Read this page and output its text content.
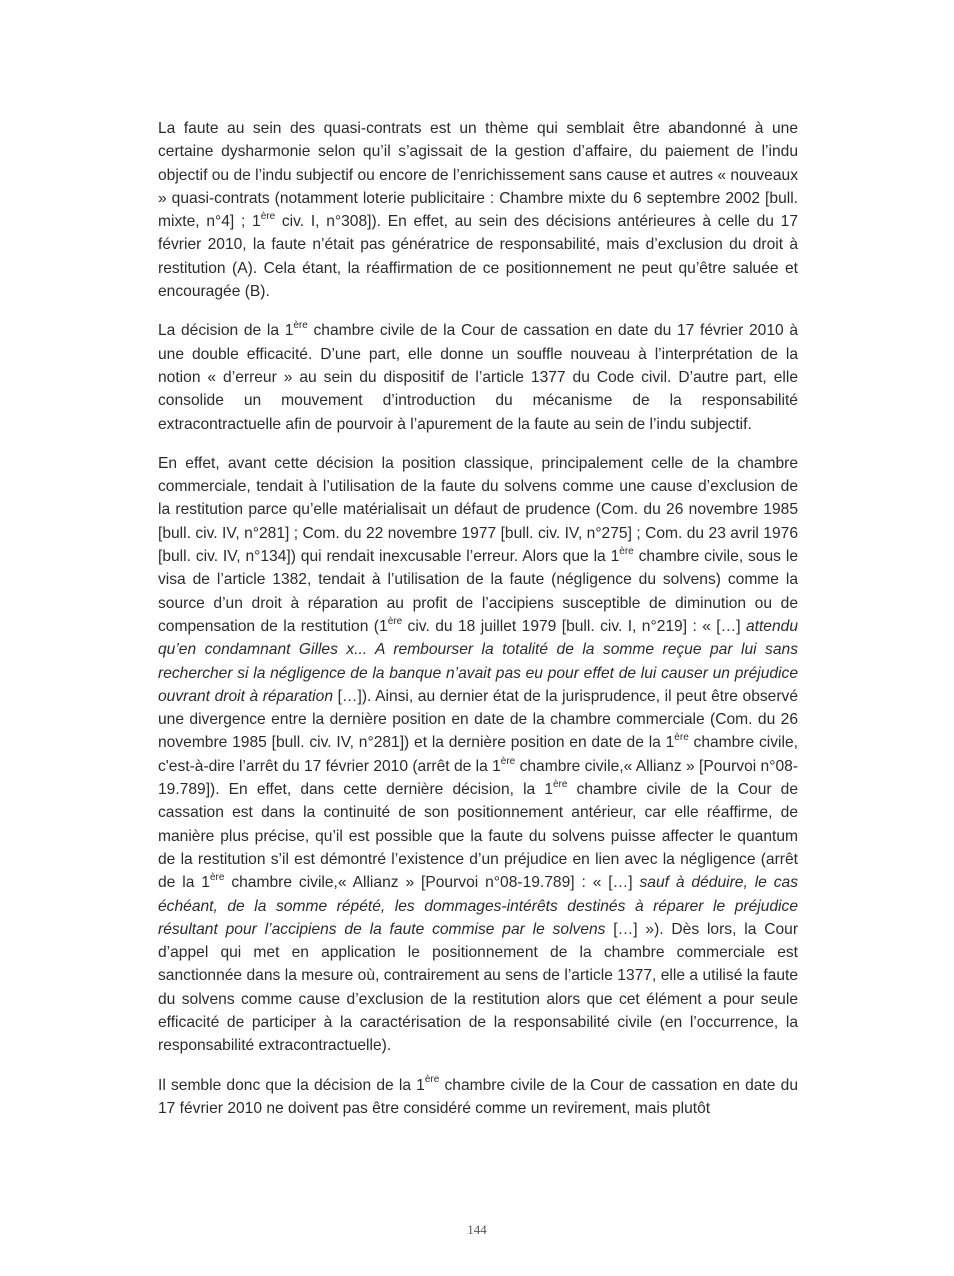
La faute au sein des quasi-contrats est un thème qui semblait être abandonné à une certaine dysharmonie selon qu’il s’agissait de la gestion d’affaire, du paiement de l’indu objectif ou de l’indu subjectif ou encore de l’enrichissement sans cause et autres « nouveaux » quasi-contrats (notamment loterie publicitaire : Chambre mixte du 6 septembre 2002 [bull. mixte, n°4] ; 1ère civ. I, n°308]). En effet, au sein des décisions antérieures à celle du 17 février 2010, la faute n’était pas génératrice de responsabilité, mais d’exclusion du droit à restitution (A). Cela étant, la réaffirmation de ce positionnement ne peut qu’être saluée et encouragée (B).

La décision de la 1ère chambre civile de la Cour de cassation en date du 17 février 2010 à une double efficacité. D’une part, elle donne un souffle nouveau à l’interprétation de la notion « d’erreur » au sein du dispositif de l’article 1377 du Code civil. D’autre part, elle consolide un mouvement d’introduction du mécanisme de la responsabilité extracontractuelle afin de pourvoir à l’apurement de la faute au sein de l’indu subjectif.

En effet, avant cette décision la position classique, principalement celle de la chambre commerciale, tendait à l’utilisation de la faute du solvens comme une cause d’exclusion de la restitution parce qu’elle matérialisait un défaut de prudence (Com. du 26 novembre 1985 [bull. civ. IV, n°281] ; Com. du 22 novembre 1977 [bull. civ. IV, n°275] ; Com. du 23 avril 1976 [bull. civ. IV, n°134]) qui rendait inexcusable l’erreur. Alors que la 1ère chambre civile, sous le visa de l’article 1382, tendait à l’utilisation de la faute (négligence du solvens) comme la source d’un droit à réparation au profit de l’accipiens susceptible de diminution ou de compensation de la restitution (1ère civ. du 18 juillet 1979 [bull. civ. I, n°219] : « […] attendu qu’en condamnant Gilles x... A rembourser la totalité de la somme reçue par lui sans rechercher si la négligence de la banque n’avait pas eu pour effet de lui causer un préjudice ouvrant droit à réparation […]). Ainsi, au dernier état de la jurisprudence, il peut être observé une divergence entre la dernière position en date de la chambre commerciale (Com. du 26 novembre 1985 [bull. civ. IV, n°281]) et la dernière position en date de la 1ère chambre civile, c'est-à-dire l’arrêt du 17 février 2010 (arrêt de la 1ère chambre civile,« Allianz » [Pourvoi n°08-19.789]). En effet, dans cette dernière décision, la 1ère chambre civile de la Cour de cassation est dans la continuité de son positionnement antérieur, car elle réaffirme, de manière plus précise, qu’il est possible que la faute du solvens puisse affecter le quantum de la restitution s’il est démontré l’existence d’un préjudice en lien avec la négligence (arrêt de la 1ère chambre civile,« Allianz » [Pourvoi n°08-19.789] : « […] sauf à déduire, le cas échéant, de la somme répété, les dommages-intérêts destinés à réparer le préjudice résultant pour l’accipiens de la faute commise par le solvens […] »). Dès lors, la Cour d’appel qui met en application le positionnement de la chambre commerciale est sanctionnée dans la mesure où, contrairement au sens de l’article 1377, elle a utilisé la faute du solvens comme cause d’exclusion de la restitution alors que cet élément a pour seule efficacité de participer à la caractérisation de la responsabilité civile (en l’occurrence, la responsabilité extracontractuelle).

Il semble donc que la décision de la 1ère chambre civile de la Cour de cassation en date du 17 février 2010 ne doivent pas être considéré comme un revirement, mais plutôt

144
